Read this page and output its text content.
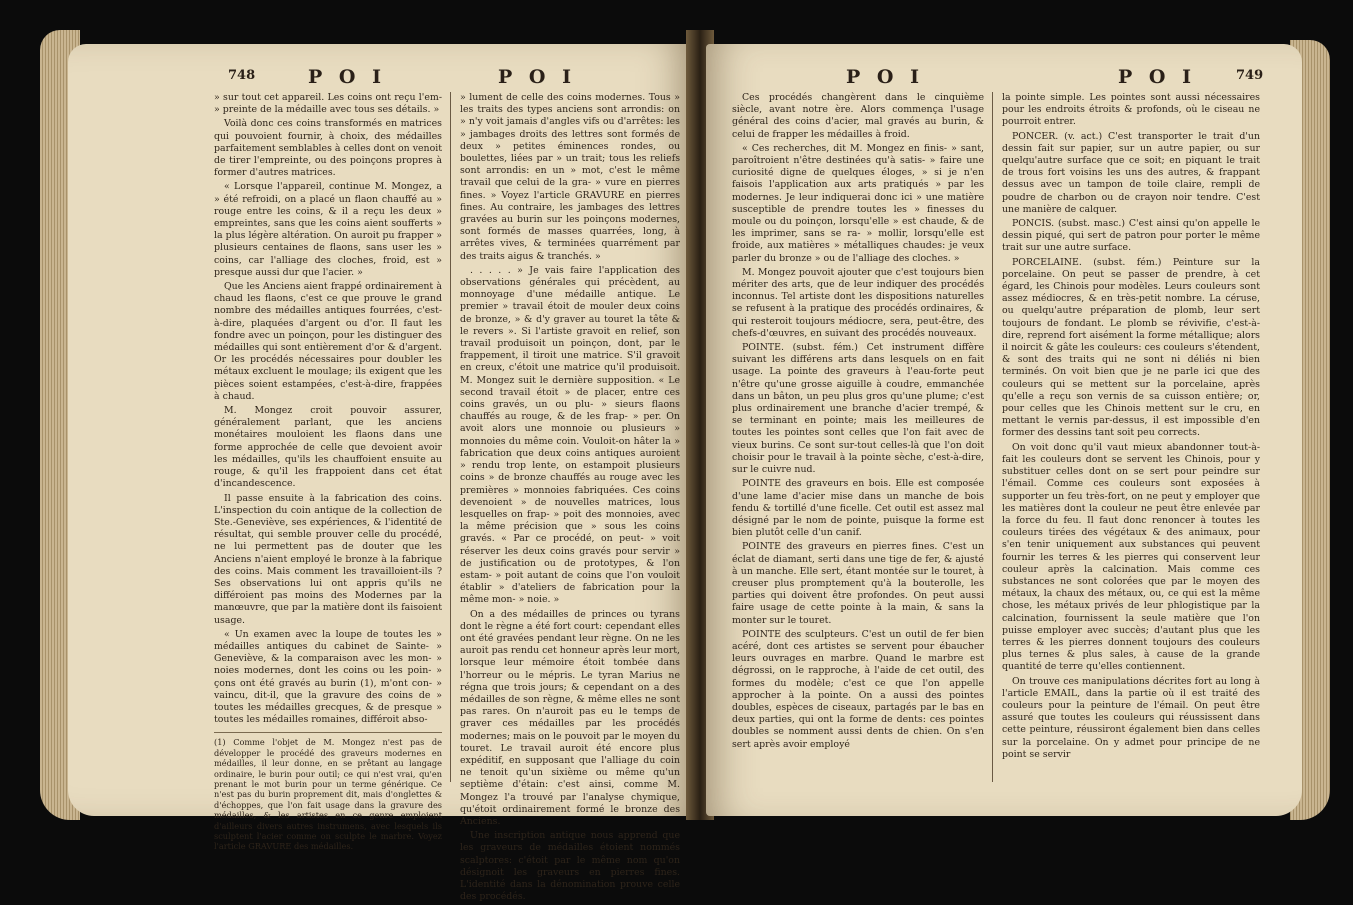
748	P O I	P O I

» sur tout cet appareil. Les coins ont reçu l'em- » preinte de la médaille avec tous ses détails. »

Voilà donc ces coins transformés en matrices qui pouvoient fournir, à choix, des médailles parfaitement semblables à celles dont on venoit de tirer l'empreinte, ou des poinçons propres à former d'autres matrices.

« Lorsque l'appareil, continue M. Mongez, a » été refroidi, on a placé un flaon chauffé au » rouge entre les coins, & il a reçu les deux » empreintes, sans que les coins aient soufferts » la plus légère altération. On auroit pu frapper » plusieurs centaines de flaons, sans user les » coins, car l'alliage des cloches, froid, est » presque aussi dur que l'acier. »

Que les Anciens aient frappé ordinairement à chaud les flaons, c'est ce que prouve le grand nombre des médailles antiques fourrées, c'est-à-dire, plaquées d'argent ou d'or. Il faut les fondre avec un poinçon, pour les distinguer des médailles qui sont entièrement d'or & d'argent. Or les procédés nécessaires pour doubler les métaux excluent le moulage; ils exigent que les pièces soient estampées, c'est-à-dire, frappées à chaud.

M. Mongez croit pouvoir assurer, généralement parlant, que les anciens monétaires mouloient les flaons dans une forme approchée de celle que devoient avoir les médailles, qu'ils les chauffoient ensuite au rouge, & qu'il les frappoient dans cet état d'incandescence.

Il passe ensuite à la fabrication des coins. L'inspection du coin antique de la collection de Ste.-Geneviève, ses expériences, & l'identité de résultat, qui semble prouver celle du procédé, ne lui permettent pas de douter que les Anciens n'aient employé le bronze à la fabrique des coins. Mais comment les travailloient-ils ? Ses observations lui ont appris qu'ils ne différoient pas moins des Modernes par la manœuvre, que par la matière dont ils faisoient usage.

« Un examen avec la loupe de toutes les » médailles antiques du cabinet de Sainte- » Geneviève, & la comparaison avec les mon- » noies modernes, dont les coins ou les poin- » çons ont été gravés au burin (1), m'ont con- » vaincu, dit-il, que la gravure des coins de » toutes les médailles grecques, & de presque » toutes les médailles romaines, différoit abso-

(1) Comme l'objet de M. Mongez n'est pas de développer le procédé des graveurs modernes en médailles, il leur donne, en se prêtant au langage ordinaire, le burin pour outil; ce qui n'est vrai, qu'en prenant le mot burin pour un terme générique. Ce n'est pas du burin proprement dit, mais d'onglettes & d'échoppes, que l'on fait usage dans la gravure des médailles, & les artistes en ce genre emploient d'ailleurs divers autres instrumens, avec lesquels ils sculptent l'acier comme on sculpte le marbre. Voyez l'article GRAVURE des médailles.

» lument de celle des coins modernes. Tous » les traits des types anciens sont arrondis: on » n'y voit jamais d'angles vifs ou d'arrêtes: les » jambages droits des lettres sont formés de deux » petites éminences rondes, ou boulettes, liées par » un trait; tous les reliefs sont arrondis: en un » mot, c'est le même travail que celui de la gra- » vure en pierres fines. » Voyez l'article GRAVURE en pierres fines. Au contraire, les jambages des lettres gravées au burin sur les poinçons modernes, sont formés de masses quarrées, long, à arrêtes vives, & terminées quarrément par des traits aigus & tranchés. »

. . . . . » Je vais faire l'application des observations générales qui précèdent, au monnoyage d'une médaille antique. Le premier » travail étoit de mouler deux coins de bronze, » & d'y graver au touret la tête & le revers ». Si l'artiste gravoit en relief, son travail produisoit un poinçon, dont, par le frappement, il tiroit une matrice. S'il gravoit en creux, c'étoit une matrice qu'il produisoit. M. Mongez suit le dernière supposition. « Le second travail étoit » de placer, entre ces coins gravés, un ou plu- » sieurs flaons chauffés au rouge, & de les frap- » per. On avoit alors une monnoie ou plusieurs » monnoies du même coin. Vouloit-on hâter la » fabrication que deux coins antiques auroient » rendu trop lente, on estampoit plusieurs coins » de bronze chauffés au rouge avec les premières » monnoies fabriquées. Ces coins devenoient » de nouvelles matrices, lous lesquelles on frap- » poit des monnoies, avec la même précision que » sous les coins gravés. « Par ce procédé, on peut- » voit réserver les deux coins gravés pour servir » de justification ou de prototypes, & l'on estam- » poit autant de coins que l'on vouloit établir » d'ateliers de fabrication pour la même mon- » noie. »

On a des médailles de princes ou tyrans dont le règne a été fort court: cependant elles ont été gravées pendant leur règne. On ne les auroit pas rendu cet honneur après leur mort, lorsque leur mémoire étoit tombée dans l'horreur ou le mépris. Le tyran Marius ne régna que trois jours; & cependant on a des médailles de son règne, & même elles ne sont pas rares. On n'auroit pas eu le temps de graver ces médailles par les procédés modernes; mais on le pouvoit par le moyen du touret. Le travail auroit été encore plus expéditif, en supposant que l'alliage du coin ne tenoit qu'un sixième ou même qu'un septième d'étain: c'est ainsi, comme M. Mongez l'a trouvé par l'analyse chymique, qu'étoit ordinairement formé le bronze des Anciens.

Une inscription antique nous apprend que les graveurs de médailles étoient nommés scalptores: c'étoit par le même nom qu'on désignoit les graveurs en pierres fines. L'identité dans la dénomination prouve celle des procédés.

P O I	P O I	749

Ces procédés changèrent dans le cinquième siècle, avant notre ère. Alors commença l'usage général des coins d'acier, mal gravés au burin, & celui de frapper les médailles à froid.

« Ces recherches, dit M. Mongez en finis- » sant, paroîtroient n'être destinées qu'à satis- » faire une curiosité digne de quelques éloges, » si je n'en faisois l'application aux arts pratiqués » par les modernes. Je leur indiquerai donc ici » une matière susceptible de prendre toutes les » finesses du moule ou du poinçon, lorsqu'elle » est chaude, & de les imprimer, sans se ra- » mollir, lorsqu'elle est froide, aux matières » métalliques chaudes: je veux parler du bronze » ou de l'alliage des cloches. »

M. Mongez pouvoit ajouter que c'est toujours bien mériter des arts, que de leur indiquer des procédés inconnus. Tel artiste dont les dispositions naturelles se refusent à la pratique des procédés ordinaires, & qui resteroit toujours médiocre, sera, peut-être, des chefs-d'œuvres, en suivant des procédés nouveaux.

POINTE. (subst. fém.) Cet instrument diffère suivant les différens arts dans lesquels on en fait usage. La pointe des graveurs à l'eau-forte peut n'être qu'une grosse aiguille à coudre, emmanchée dans un bâton, un peu plus gros qu'une plume; c'est plus ordinairement une branche d'acier trempé, & se terminant en pointe; mais les meilleures de toutes les pointes sont celles que l'on fait avec de vieux burins. Ce sont sur-tout celles-là que l'on doit choisir pour le travail à la pointe sèche, c'est-à-dire, sur le cuivre nud.

POINTE des graveurs en bois. Elle est composée d'une lame d'acier mise dans un manche de bois fendu & tortillé d'une ficelle. Cet outil est assez mal désigné par le nom de pointe, puisque la forme est bien plutôt celle d'un canif.

POINTE des graveurs en pierres fines. C'est un éclat de diamant, serti dans une tige de fer, & ajusté à un manche. Elle sert, étant montée sur le touret, à creuser plus promptement qu'à la bouterolle, les parties qui doivent être profondes. On peut aussi faire usage de cette pointe à la main, & sans la monter sur le touret.

POINTE des sculpteurs. C'est un outil de fer bien acéré, dont ces artistes se servent pour ébaucher leurs ouvrages en marbre. Quand le marbre est dégrossi, on le rapproche, à l'aide de cet outil, des formes du modèle; c'est ce que l'on appelle approcher à la pointe. On a aussi des pointes doubles, espèces de ciseaux, partagés par le bas en deux parties, qui ont la forme de dents: ces pointes doubles se nomment aussi dents de chien. On s'en sert après avoir employé

la pointe simple. Les pointes sont aussi nécessaires pour les endroits étroits & profonds, où le ciseau ne pourroit entrer.

PONCER. (v. act.) C'est transporter le trait d'un dessin fait sur papier, sur un autre papier, ou sur quelqu'autre surface que ce soit; en piquant le trait de trous fort voisins les uns des autres, & frappant dessus avec un tampon de toile claire, rempli de poudre de charbon ou de crayon noir tendre. C'est une manière de calquer.

PONCIS. (subst. masc.) C'est ainsi qu'on appelle le dessin piqué, qui sert de patron pour porter le même trait sur une autre surface.

PORCELAINE. (subst. fém.) Peinture sur la porcelaine. On peut se passer de prendre, à cet égard, les Chinois pour modèles. Leurs couleurs sont assez médiocres, & en très-petit nombre. La céruse, ou quelqu'autre préparation de plomb, leur sert toujours de fondant. Le plomb se révivifie, c'est-à-dire, reprend fort aisément la forme métallique; alors il noircit & gâte les couleurs: ces couleurs s'étendent, & sont des traits qui ne sont ni déliés ni bien terminés. On voit bien que je ne parle ici que des couleurs qui se mettent sur la porcelaine, après qu'elle a reçu son vernis de sa cuisson entière; or, pour celles que les Chinois mettent sur le cru, en mettant le vernis par-dessus, il est impossible d'en former des dessins tant soit peu corrects.

On voit donc qu'il vaut mieux abandonner tout-à-fait les couleurs dont se servent les Chinois, pour y substituer celles dont on se sert pour peindre sur l'émail. Comme ces couleurs sont exposées à supporter un feu très-fort, on ne peut y employer que les matières dont la couleur ne peut être enlevée par la force du feu. Il faut donc renoncer à toutes les couleurs tirées des végétaux & des animaux, pour s'en tenir uniquement aux substances qui peuvent fournir les terres & les pierres qui conservent leur couleur après la calcination. Mais comme ces substances ne sont colorées que par le moyen des métaux, la chaux des métaux, ou, ce qui est la même chose, les métaux privés de leur phlogistique par la calcination, fournissent la seule matière que l'on puisse employer avec succès; d'autant plus que les terres & les pierres donnent toujours des couleurs plus ternes & plus sales, à cause de la grande quantité de terre qu'elles contiennent.

On trouve ces manipulations décrites fort au long à l'article EMAIL, dans la partie où il est traité des couleurs pour la peinture de l'émail. On peut être assuré que toutes les couleurs qui réussissent dans cette peinture, réussiront également bien dans celles sur la porcelaine. On y admet pour principe de ne point se servir
